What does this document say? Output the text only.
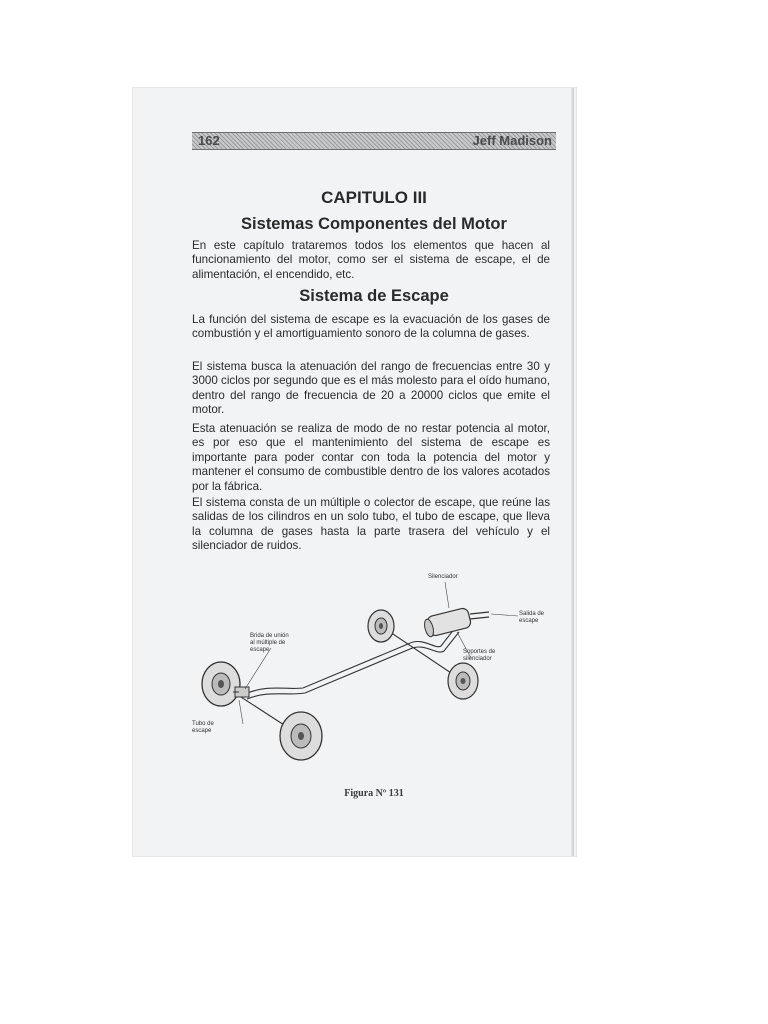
162	Jeff Madison
CAPITULO III
Sistemas Componentes del Motor
En este capítulo trataremos todos los elementos que hacen al funcionamiento del motor, como ser el sistema de escape, el de alimentación, el encendido, etc.
Sistema de Escape
La función del sistema de escape es la evacuación de los gases de combustión y el amortiguamiento sonoro de la columna de gases.
El sistema busca la atenuación del rango de frecuencias entre 30 y 3000 ciclos por segundo que es el más molesto para el oído humano, dentro del rango de frecuencia de 20 a 20000 ciclos que emite el motor.
Esta atenuación se realiza de modo de no restar potencia al motor, es por eso que el mantenimiento del sistema de escape es importante para poder contar con toda la potencia del motor y mantener el consumo de combustible dentro de los valores acotados por la fábrica.
El sistema consta de un múltiple o colector de escape, que reúne las salidas de los cilindros en un solo tubo, el tubo de escape, que lleva la columna de gases hasta la parte trasera del vehículo y el silenciador de ruidos.
Silenciador
Salida de
escape
Brida de unión
al múltiple de
escape	Soportes de
silenciador
Tubo de
escape
Figura Nº 131
